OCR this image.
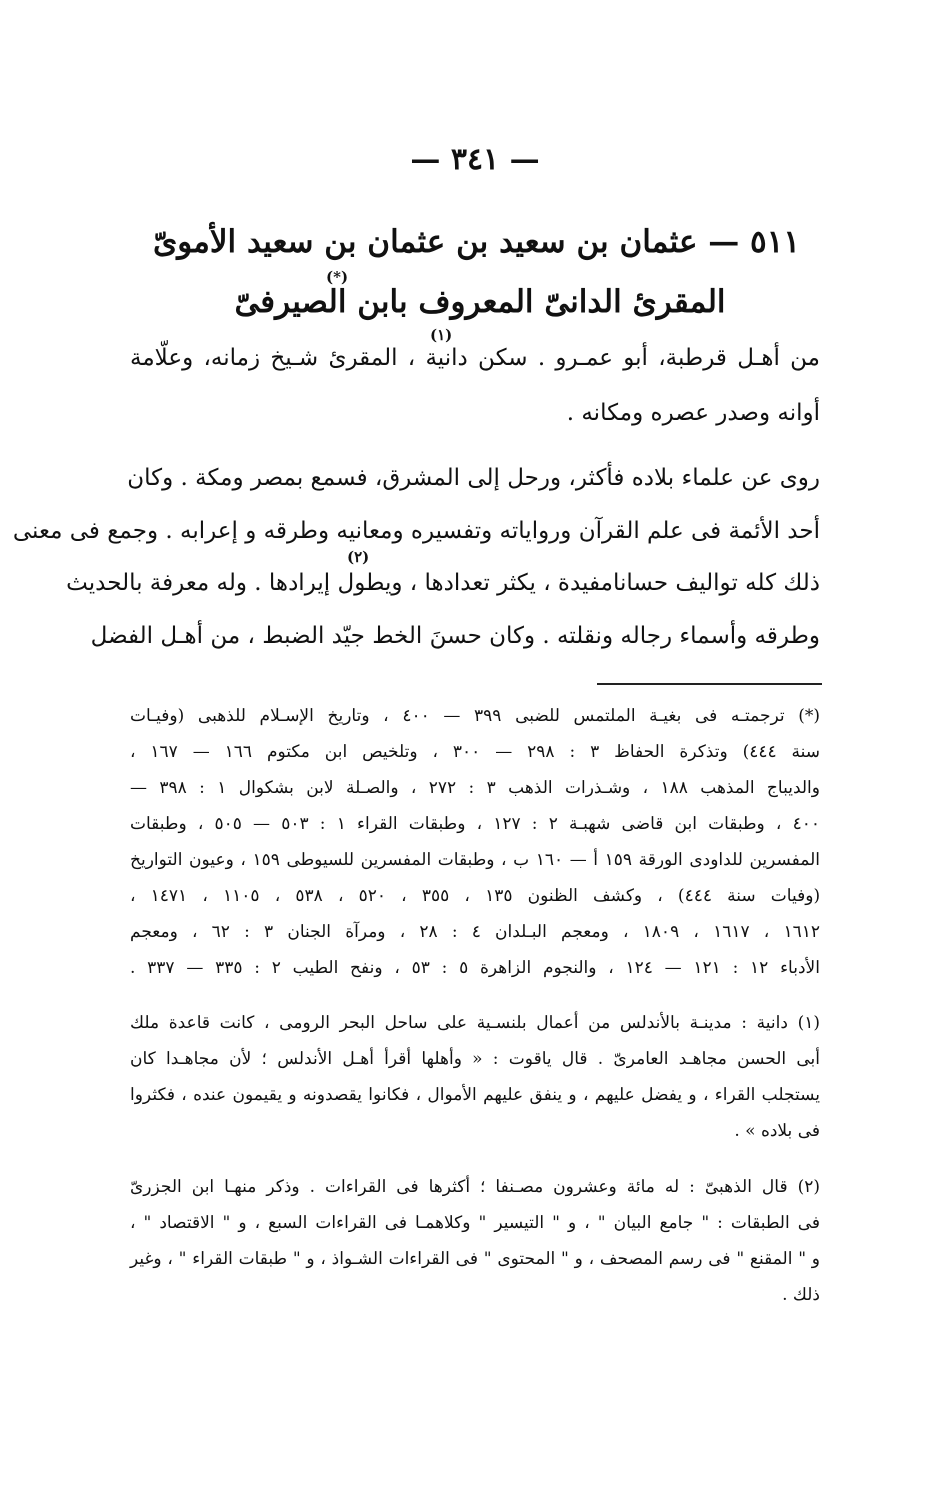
— ٣٤١ —
٥١١ — عثمان بن سعيد بن عثمان بن سعيد الأموىّ
(*)
المقرئ الدانىّ المعروف بابن الصيرفىّ
(١)
(٢)
من أهـل قرطبة، أبو عمـرو . سكن دانية ، المقرئ شـيخ زمانه، وعلّامة
أوانه وصدر عصره ومكانه .
روى عن علماء بلاده فأكثر، ورحل إلى المشرق، فسمع بمصر ومكة . وكان
أحد الأئمة فى علم القرآن ورواياته وتفسيره ومعانيه وطرقه و إعرابه . وجمع فى معنى
ذلك كله تواليف حسانامفيدة ، يكثر تعدادها ، ويطول إيرادها . وله معرفة بالحديث
وطرقه وأسماء رجاله ونقلته . وكان حسنَ الخط جيّد الضبط ، من أهـل الفضل
(*) ترجمتـه فى بغيـة الملتمس للضبى ٣٩٩ — ٤٠٠ ، وتاريخ الإسـلام للذهبى (وفيـات
سنة ٤٤٤) وتذكرة الحفاظ ٣ : ٢٩٨ — ٣٠٠ ، وتلخيص ابن مكتوم ١٦٦ — ١٦٧ ،
والديباج المذهب ١٨٨ ، وشـذرات الذهب ٣ : ٢٧٢ ، والصـلة لابن بشكوال ١ : ٣٩٨ —
٤٠٠ ، وطبقات ابن قاضى شهبـة ٢ : ١٢٧ ، وطبقات القراء ١ : ٥٠٣ — ٥٠٥ ، وطبقات
المفسرين للداودى الورقة ١٥٩ أ — ١٦٠ ب ، وطبقات المفسرين للسيوطى ١٥٩ ، وعيون التواريخ
(وفيات سنة ٤٤٤) ، وكشف الظنون ١٣٥ ، ٣٥٥ ، ٥٢٠ ، ٥٣٨ ، ١١٠٥ ، ١٤٧١ ،
١٦١٢ ، ١٦١٧ ، ١٨٠٩ ، ومعجم البـلدان ٤ : ٢٨ ، ومرآة الجنان ٣ : ٦٢ ، ومعجم
الأدباء ١٢ : ١٢١ — ١٢٤ ، والنجوم الزاهرة ٥ : ٥٣ ، ونفح الطيب ٢ : ٣٣٥ — ٣٣٧ .
(١) دانية : مدينـة بالأندلس من أعمال بلنسـية على ساحل البحر الرومى ، كانت قاعدة ملك
أبى الحسن مجاهـد العامرىّ . قال ياقوت : « وأهلها أقرأ أهـل الأندلس ؛ لأن مجاهـدا كان
يستجلب القراء ، و يفضل عليهم ، و ينفق عليهم الأموال ، فكانوا يقصدونه و يقيمون عنده ، فكثروا
فى بلاده » .
(٢) قال الذهبىّ : له مائة وعشرون مصـنفا ؛ أكثرها فى القراءات . وذكر منهـا ابن الجزرىّ
فى الطبقات : " جامع البيان " ، و " التيسير " وكلاهمـا فى القراءات السبع ، و " الاقتصاد " ،
و " المقنع " فى رسم المصحف ، و " المحتوى " فى القراءات الشـواذ ، و " طبقات القراء " ، وغير
ذلك .
